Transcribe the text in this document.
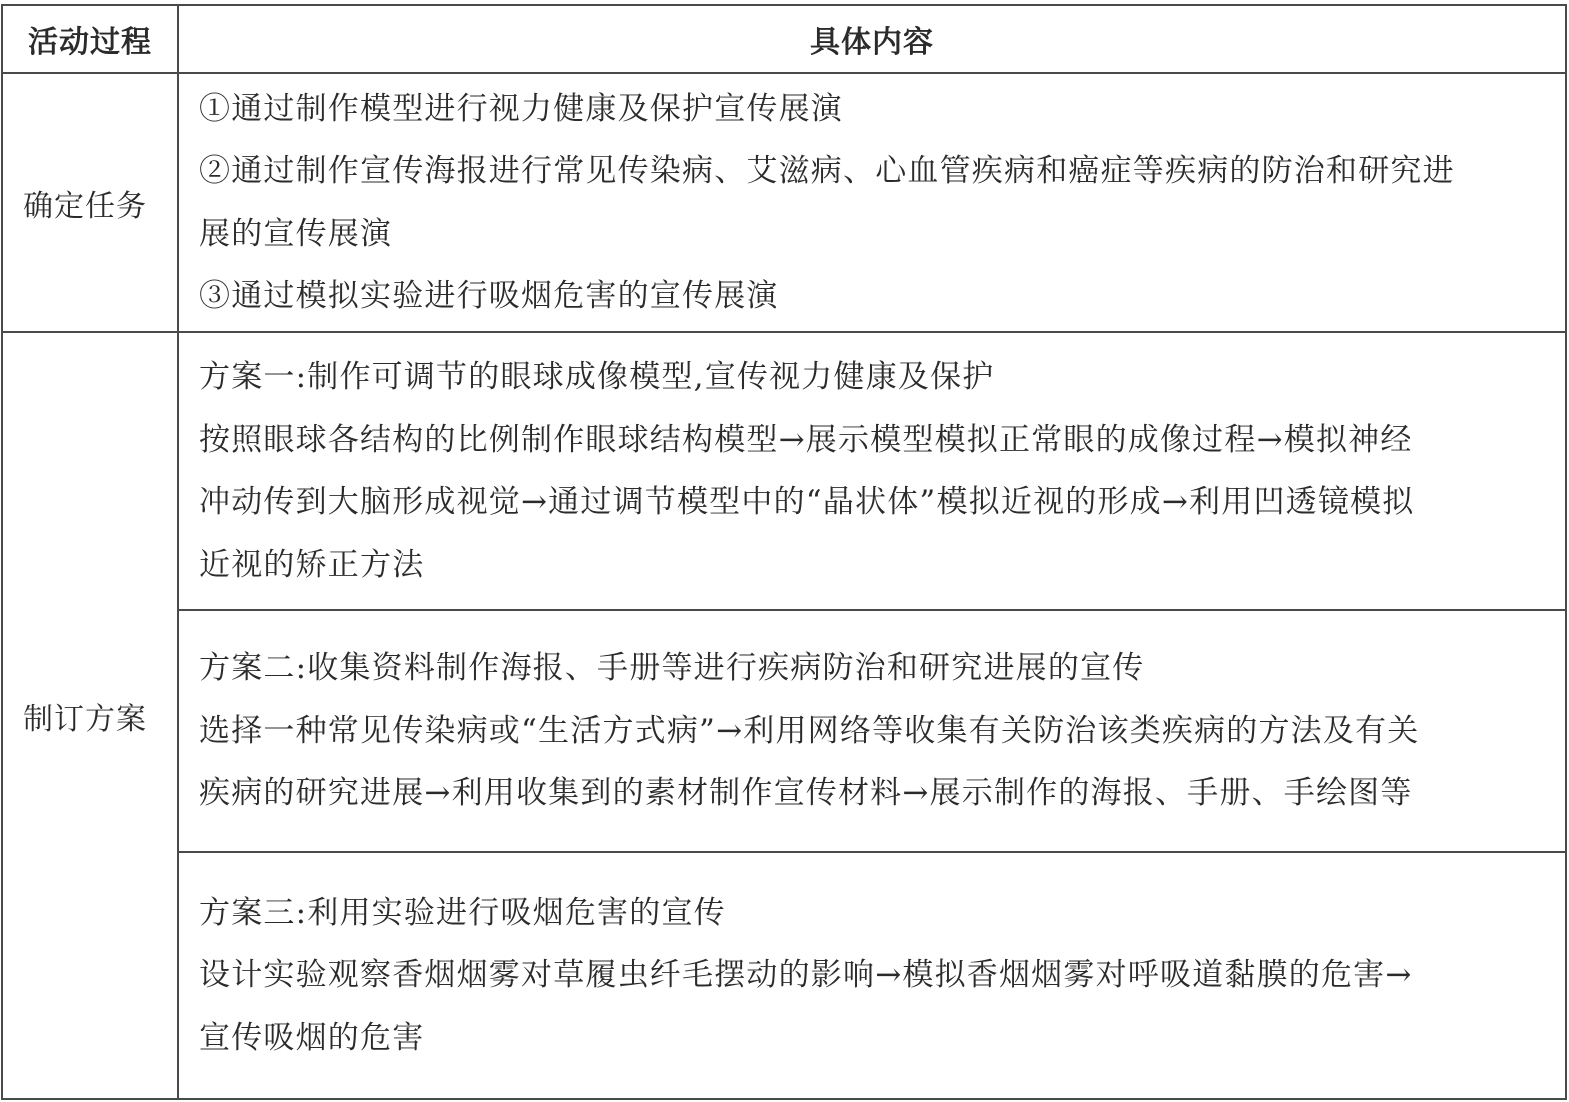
活动过程	具体内容
确定任务	①通过制作模型进行视力健康及保护宣传展演
②通过制作宣传海报进行常见传染病、艾滋病、心血管疾病和癌症等疾病的防治和研究进
展的宣传展演
③通过模拟实验进行吸烟危害的宣传展演

制订方案	方案一:制作可调节的眼球成像模型,宣传视力健康及保护
按照眼球各结构的比例制作眼球结构模型→展示模型模拟正常眼的成像过程→模拟神经
冲动传到大脑形成视觉→通过调节模型中的“晶状体”模拟近视的形成→利用凹透镜模拟
近视的矫正方法

	方案二:收集资料制作海报、手册等进行疾病防治和研究进展的宣传
选择一种常见传染病或“生活方式病”→利用网络等收集有关防治该类疾病的方法及有关
疾病的研究进展→利用收集到的素材制作宣传材料→展示制作的海报、手册、手绘图等

	方案三:利用实验进行吸烟危害的宣传
设计实验观察香烟烟雾对草履虫纤毛摆动的影响→模拟香烟烟雾对呼吸道黏膜的危害→
宣传吸烟的危害
